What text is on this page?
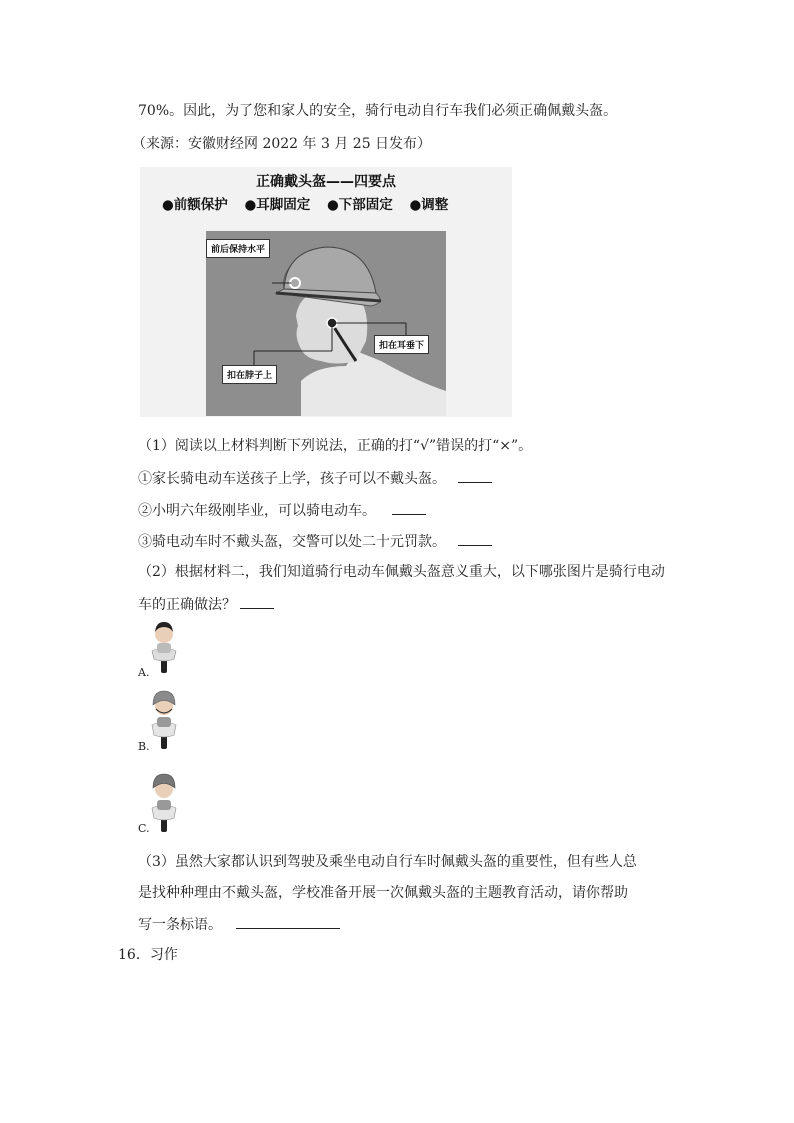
70%。因此，为了您和家人的安全，骑行电动自行车我们必须正确佩戴头盔。
（来源：安徽财经网 2022 年 3 月 25 日发布）
正确戴头盔——四要点
●前额保护 ●耳脚固定 ●下部固定 ●调整
前后保持水平
扣在耳垂下
扣在脖子上
（1）阅读以上材料判断下列说法，正确的打“√”错误的打“×”。
①家长骑电动车送孩子上学，孩子可以不戴头盔。
②小明六年级刚毕业，可以骑电动车。
③骑电动车时不戴头盔，交警可以处二十元罚款。
（2）根据材料二，我们知道骑行电动车佩戴头盔意义重大，以下哪张图片是骑行电动
车的正确做法？
A.
B.
C.
（3）虽然大家都认识到驾驶及乘坐电动自行车时佩戴头盔的重要性，但有些人总
是找种种理由不戴头盔，学校准备开展一次佩戴头盔的主题教育活动，请你帮助
写一条标语。
16．习作
